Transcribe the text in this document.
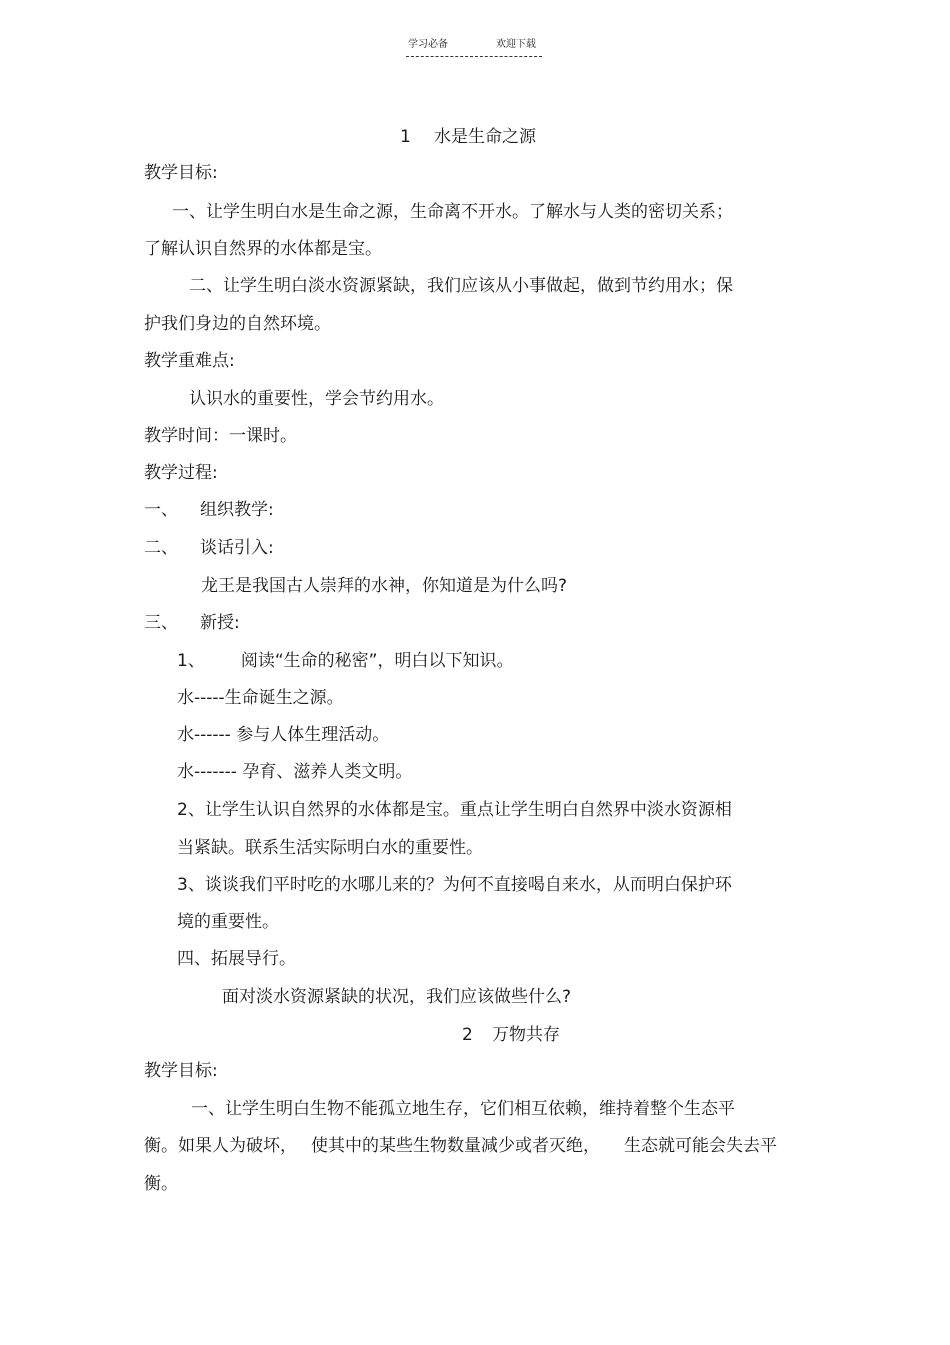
学习必备	欢迎下载
1 水是生命之源
教学目标:
一、让学生明白水是生命之源，生命离不开水。了解水与人类的密切关系；
了解认识自然界的水体都是宝。
二、让学生明白淡水资源紧缺，我们应该从小事做起，做到节约用水；保
护我们身边的自然环境。
教学重难点:
认识水的重要性，学会节约用水。
教学时间：一课时。
教学过程:
一、 组织教学:
二、 谈话引入:
龙王是我国古人崇拜的水神，你知道是为什么吗?
三、 新授:
1、 阅读“生命的秘密”，明白以下知识。
水-----生命诞生之源。
水------ 参与人体生理活动。
水------- 孕育、滋养人类文明。
2、让学生认识自然界的水体都是宝。重点让学生明白自然界中淡水资源相
当紧缺。联系生活实际明白水的重要性。
3、谈谈我们平时吃的水哪儿来的？为何不直接喝自来水，从而明白保护环
境的重要性。
四、拓展导行。
面对淡水资源紧缺的状况，我们应该做些什么?
2 万物共存
教学目标:
一、让学生明白生物不能孤立地生存，它们相互依赖，维持着整个生态平
衡。如果人为破坏， 使其中的某些生物数量减少或者灭绝， 生态就可能会失去平
衡。
